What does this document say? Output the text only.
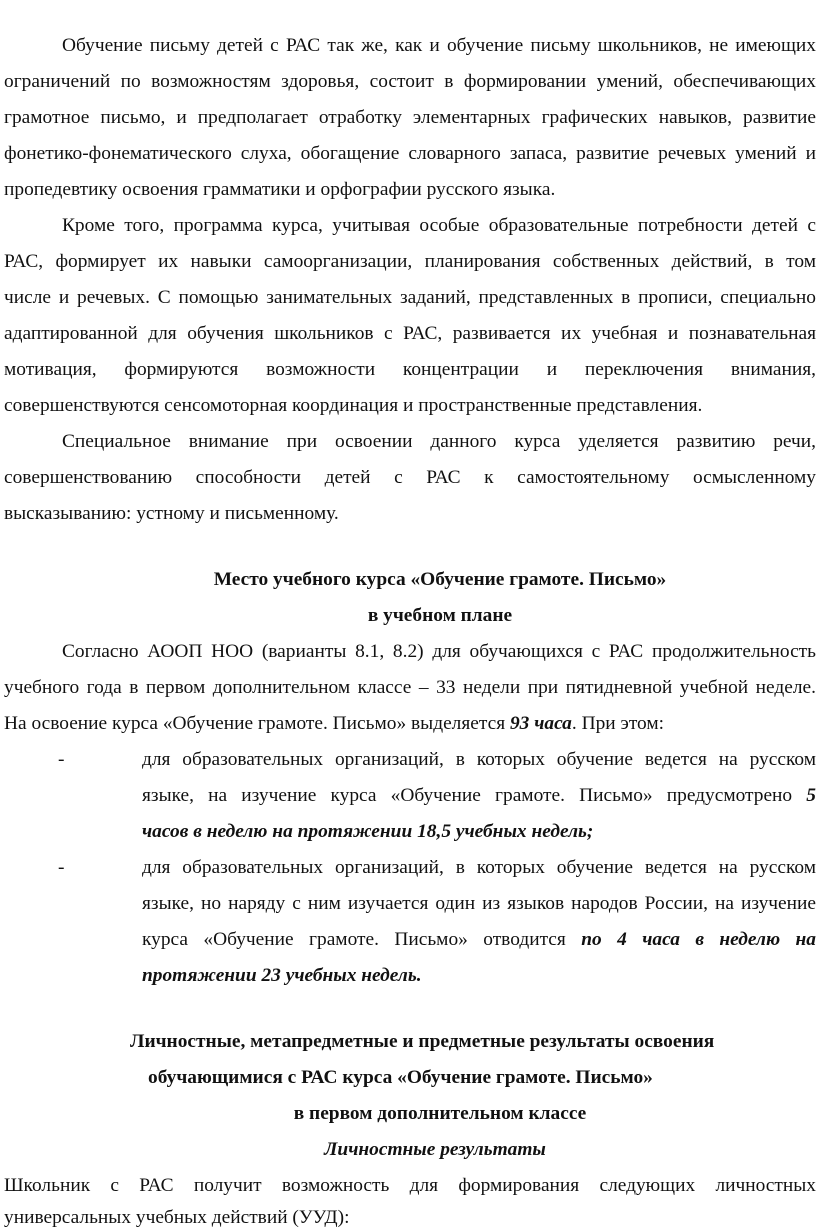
Обучение письму детей с РАС так же, как и обучение письму школьников, не имеющих
ограничений по возможностям здоровья, состоит в формировании умений, обеспечивающих
грамотное письмо, и предполагает отработку элементарных графических навыков, развитие
фонетико-фонематического слуха, обогащение словарного запаса, развитие речевых умений и
пропедевтику освоения грамматики и орфографии русского языка.
Кроме того, программа курса, учитывая особые образовательные потребности детей с
РАС, формирует их навыки самоорганизации, планирования собственных действий, в том
числе и речевых. С помощью занимательных заданий, представленных в прописи, специально
адаптированной для обучения школьников с РАС, развивается их учебная и познавательная
мотивация, формируются возможности концентрации и переключения внимания,
совершенствуются сенсомоторная координация и пространственные представления.
Специальное внимание при освоении данного курса уделяется развитию речи,
совершенствованию способности детей с РАС к самостоятельному осмысленному
высказыванию: устному и письменному.
Место учебного курса «Обучение грамоте. Письмо»
в учебном плане
Согласно АООП НОО (варианты 8.1, 8.2) для обучающихся с РАС продолжительность
учебного года в первом дополнительном классе – 33 недели при пятидневной учебной неделе.
На освоение курса «Обучение грамоте. Письмо» выделяется 93 часа. При этом:
-	для образовательных организаций, в которых обучение ведется на русском
языке, на изучение курса «Обучение грамоте. Письмо» предусмотрено 5
часов в неделю на протяжении 18,5 учебных недель;
-	для образовательных организаций, в которых обучение ведется на русском
языке, но наряду с ним изучается один из языков народов России, на изучение
курса «Обучение грамоте. Письмо» отводится по 4 часа в неделю на
протяжении 23 учебных недель.
Личностные, метапредметные и предметные результаты освоения
обучающимися с РАС курса «Обучение грамоте. Письмо»
в первом дополнительном классе
Личностные результаты
Школьник с РАС получит возможность для формирования следующих личностных
универсальных учебных действий (УУД):
